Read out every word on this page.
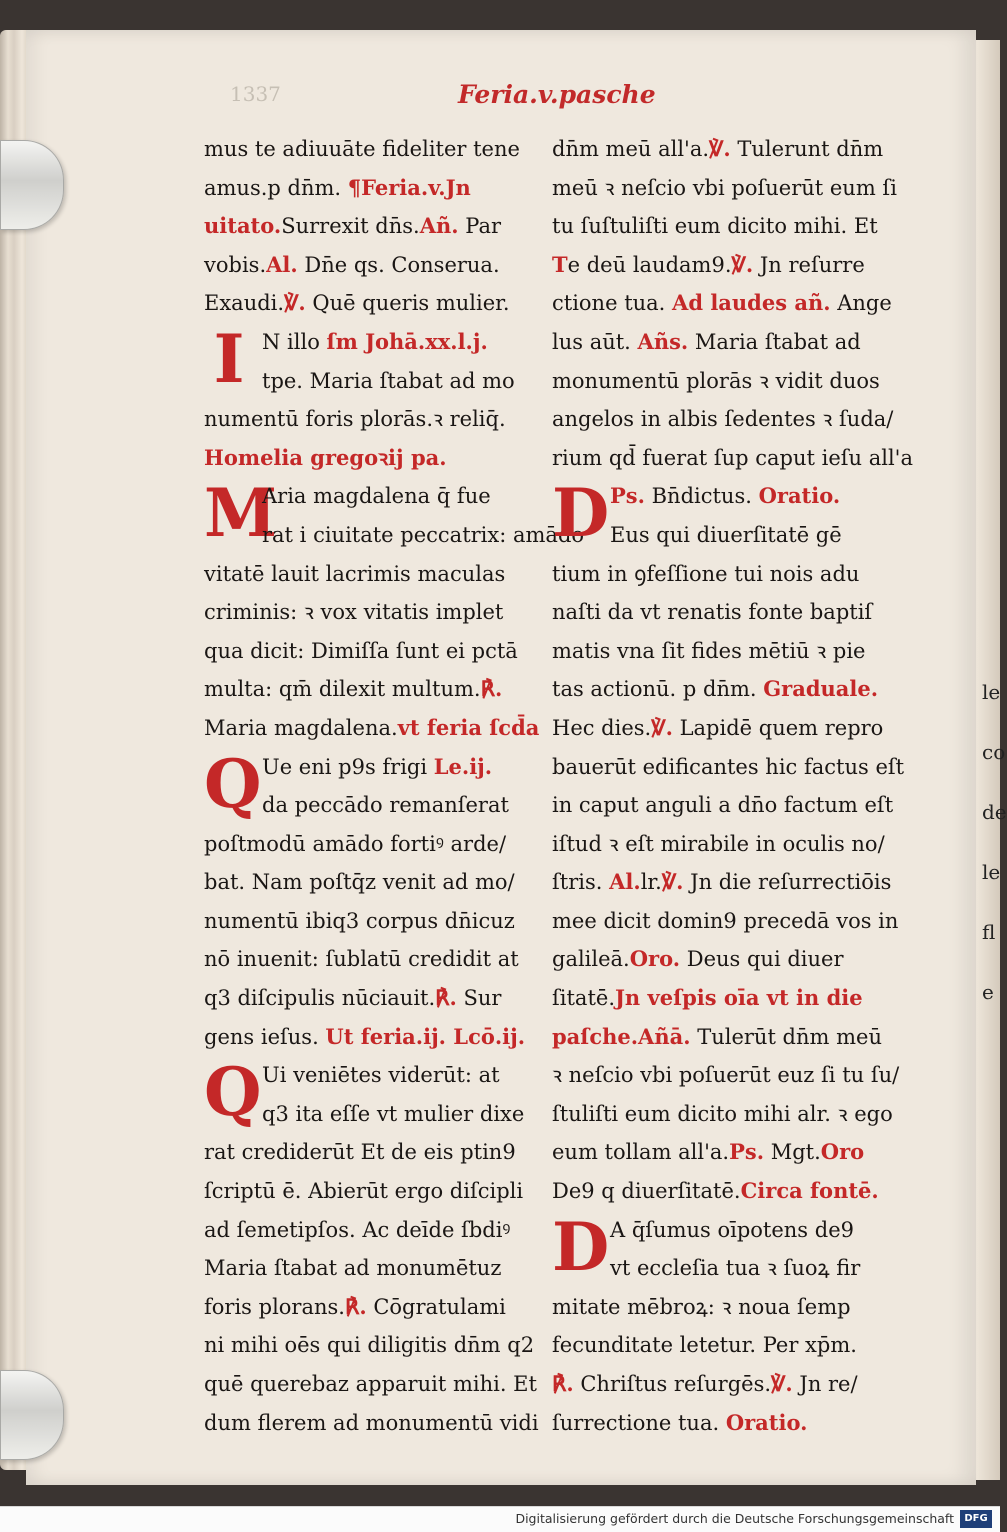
le
co
de
le
fl
e
1337	Feria.v.pasche
mus te adiuuāte fideliter tene
amus.p dn̄m. ¶Feria.v.Jn
uitato.Surrexit dn̄s.Añ. Par
vobis.Al. Dn̄e qs. Conserua.
Exaudi.℣. Quē queris mulier.
I N illo ſm Johā.xx.l.j.
tpe. Maria ſtabat ad mo
numentū foris plorās.ꝛ reliq̄.
Homelia gregoꝛij pa.
M
Aria magdalena q̄ fue
rat i ciuitate peccatrix: amādo
vitatē lauit lacrimis maculas
criminis: ꝛ vox vitatis implet
qua dicit: Dimiſſa ſunt ei pctā
multa: qm̄ dilexit multum.℟.
Maria magdalena.vt feria ſcd̄a
Q Ue eni p9s frigi Le.ij.
da peccādo remanſerat
poſtmodū amādo fortiꝰ arde/
bat. Nam poſtq̄z venit ad mo/
numentū ibiq3 corpus dn̄icuz
nō inuenit: ſublatū credidit at
q3 diſcipulis nūciauit.℟. Sur
gens ieſus. Ut feria.ij. Lcō.ij.
Q Ui veniētes viderūt: at
q3 ita eſſe vt mulier dixe
rat crediderūt Et de eis ptin9
ſcriptū ē. Abierūt ergo diſcipli
ad ſemetipſos. Ac deīde ſbdiꝰ
Maria ſtabat ad monumētuz
foris plorans.℟. Cōgratulami
ni mihi oēs qui diligitis dn̄m q2
quē querebaz apparuit mihi. Et
dum flerem ad monumentū vidi
dn̄m meū all'a.℣. Tulerunt dn̄m
meū ꝛ neſcio vbi poſuerūt eum ſi
tu ſuſtuliſti eum dicito mihi. Et
Te deū laudam9.℣. Jn reſurre
ctione tua. Ad laudes añ. Ange
lus aūt. Añs. Maria ſtabat ad
monumentū plorās ꝛ vidit duos
angelos in albis ſedentes ꝛ ſuda/
rium qd̄ fuerat ſup caput ieſu all'a
D Ps. Bn̄dictus. Oratio.
Eus qui diuerſitatē gē
tium in ꝯfeſſione tui nois adu
naſti da vt renatis fonte baptiſ
matis vna ſit fides mētiū ꝛ pie
tas actionū. p dn̄m. Graduale.
Hec dies.℣. Lapidē quem repro
bauerūt edificantes hic factus eſt
in caput anguli a dn̄o factum eſt
iſtud ꝛ eſt mirabile in oculis no/
ſtris. Al.lr.℣. Jn die reſurrectiōis
mee dicit domin9 precedā vos in
galileā.Oro. Deus qui diuer
ſitatē.Jn veſpis oīa vt in die
paſche.Añā. Tulerūt dn̄m meū
ꝛ neſcio vbi poſuerūt euz ſi tu ſu/
ſtuliſti eum dicito mihi alr. ꝛ ego
eum tollam all'a.Ps. Mgt.Oro
De9 q diuerſitatē.Circa fontē.
D A q̄ſumus oīpotens de9
vt eccleſia tua ꝛ ſuoꝝ fir
mitate mēbroꝝ: ꝛ noua ſemp
fecunditate letetur. Per xp̄m.
℟. Chriſtus reſurgēs.℣. Jn re/
ſurrectione tua. Oratio.
Digitalisierung gefördert durch die Deutsche Forschungsgemeinschaft	DFG
